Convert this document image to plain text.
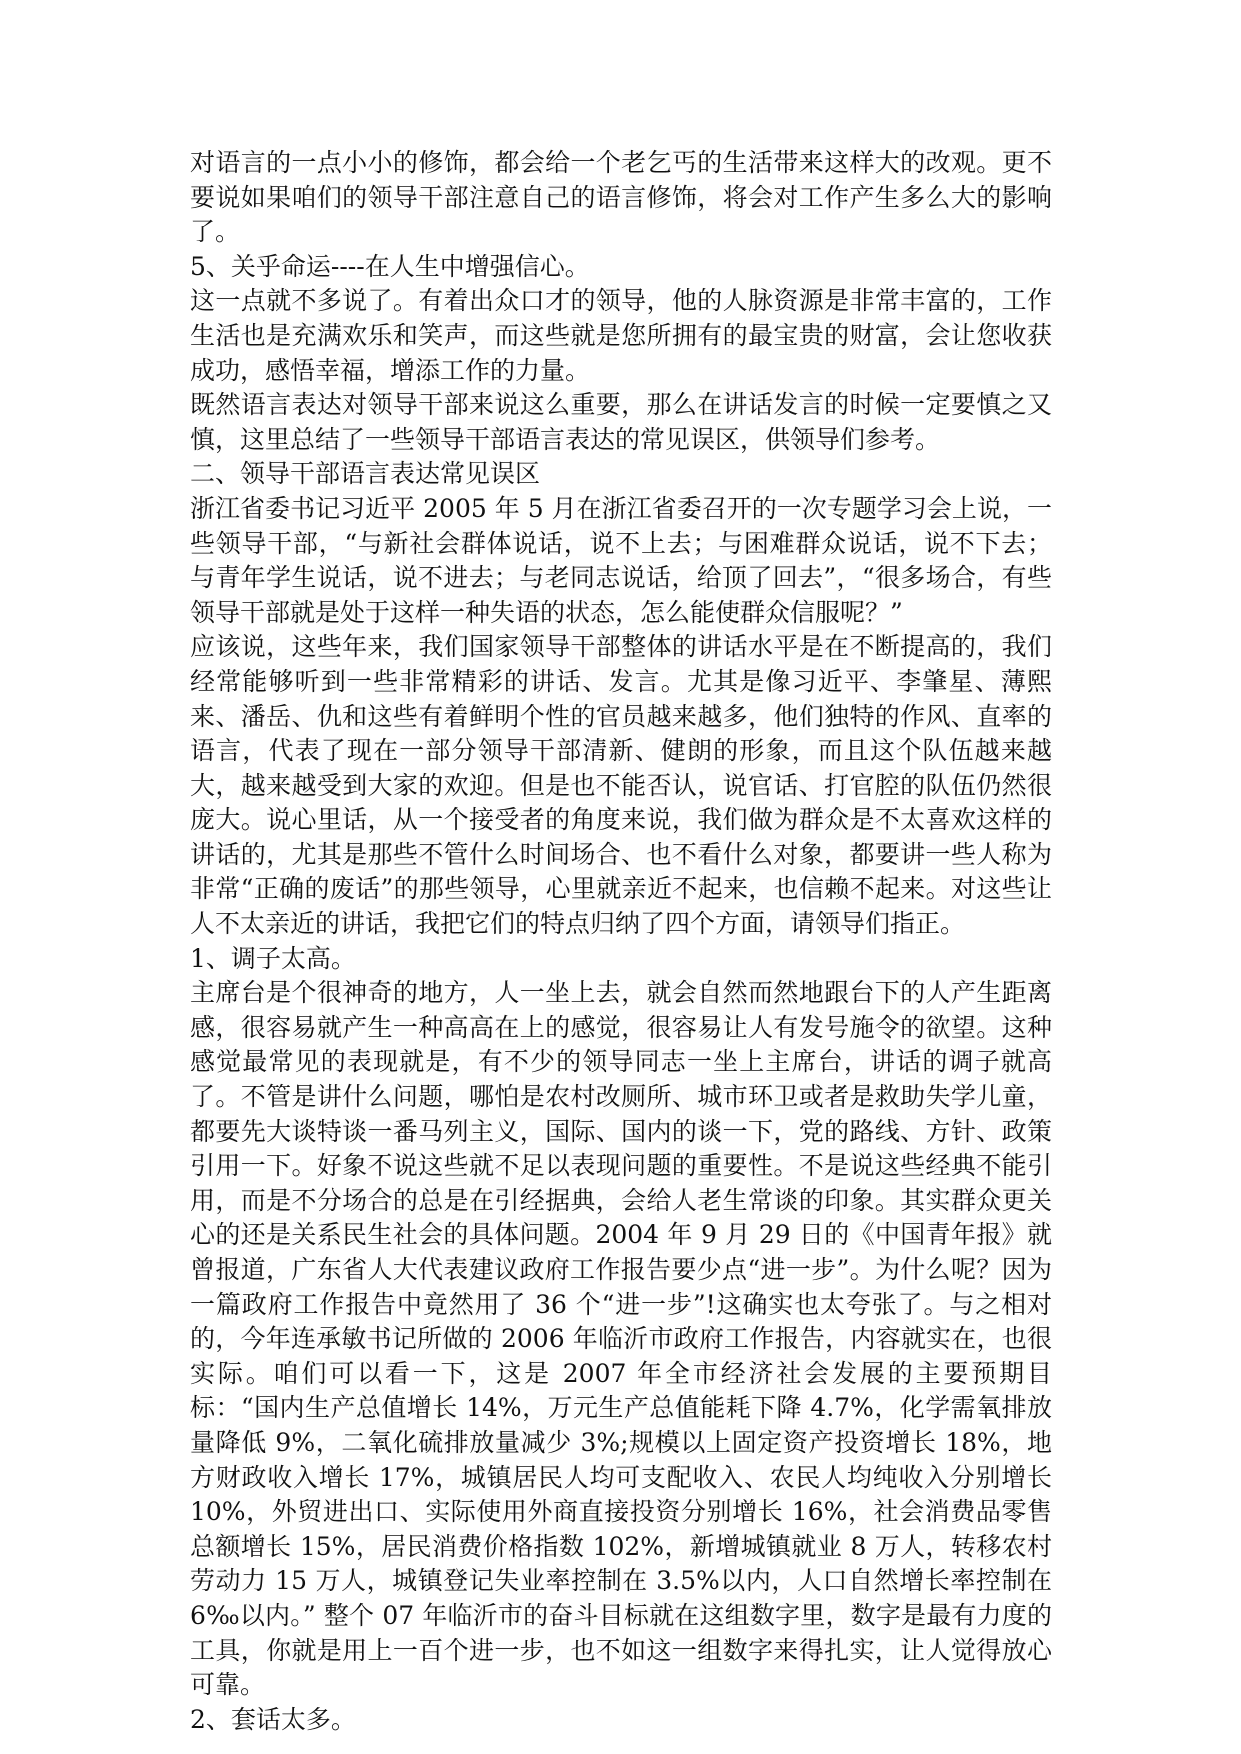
对语言的一点小小的修饰，都会给一个老乞丐的生活带来这样大的改观。更不要说如果咱们的领导干部注意自己的语言修饰，将会对工作产生多么大的影响了。

5、关乎命运----在人生中增强信心。

这一点就不多说了。有着出众口才的领导，他的人脉资源是非常丰富的，工作生活也是充满欢乐和笑声，而这些就是您所拥有的最宝贵的财富，会让您收获成功，感悟幸福，增添工作的力量。

既然语言表达对领导干部来说这么重要，那么在讲话发言的时候一定要慎之又慎，这里总结了一些领导干部语言表达的常见误区，供领导们参考。

二、领导干部语言表达常见误区

浙江省委书记习近平 2005 年 5 月在浙江省委召开的一次专题学习会上说，一些领导干部，“与新社会群体说话，说不上去；与困难群众说话，说不下去；与青年学生说话，说不进去；与老同志说话，给顶了回去”，“很多场合，有些领导干部就是处于这样一种失语的状态，怎么能使群众信服呢？”

应该说，这些年来，我们国家领导干部整体的讲话水平是在不断提高的，我们经常能够听到一些非常精彩的讲话、发言。尤其是像习近平、李肇星、薄熙来、潘岳、仇和这些有着鲜明个性的官员越来越多，他们独特的作风、直率的语言，代表了现在一部分领导干部清新、健朗的形象，而且这个队伍越来越大，越来越受到大家的欢迎。但是也不能否认，说官话、打官腔的队伍仍然很庞大。说心里话，从一个接受者的角度来说，我们做为群众是不太喜欢这样的讲话的，尤其是那些不管什么时间场合、也不看什么对象，都要讲一些人称为非常“正确的废话”的那些领导，心里就亲近不起来，也信赖不起来。对这些让人不太亲近的讲话，我把它们的特点归纳了四个方面，请领导们指正。

1、调子太高。

主席台是个很神奇的地方，人一坐上去，就会自然而然地跟台下的人产生距离感，很容易就产生一种高高在上的感觉，很容易让人有发号施令的欲望。这种感觉最常见的表现就是，有不少的领导同志一坐上主席台，讲话的调子就高了。不管是讲什么问题，哪怕是农村改厕所、城市环卫或者是救助失学儿童，都要先大谈特谈一番马列主义，国际、国内的谈一下，党的路线、方针、政策引用一下。好象不说这些就不足以表现问题的重要性。不是说这些经典不能引用，而是不分场合的总是在引经据典，会给人老生常谈的印象。其实群众更关心的还是关系民生社会的具体问题。2004 年 9 月 29 日的《中国青年报》就曾报道，广东省人大代表建议政府工作报告要少点“进一步”。为什么呢？因为一篇政府工作报告中竟然用了 36 个“进一步”!这确实也太夸张了。与之相对的，今年连承敏书记所做的 2006 年临沂市政府工作报告，内容就实在，也很实际。咱们可以看一下，这是 2007 年全市经济社会发展的主要预期目标：“国内生产总值增长 14%，万元生产总值能耗下降 4.7%，化学需氧排放量降低 9%，二氧化硫排放量减少 3%;规模以上固定资产投资增长 18%，地方财政收入增长 17%，城镇居民人均可支配收入、农民人均纯收入分别增长 10%，外贸进出口、实际使用外商直接投资分别增长 16%，社会消费品零售总额增长 15%，居民消费价格指数 102%，新增城镇就业 8 万人，转移农村劳动力 15 万人，城镇登记失业率控制在 3.5%以内，人口自然增长率控制在 6‰以内。” 整个 07 年临沂市的奋斗目标就在这组数字里，数字是最有力度的工具，你就是用上一百个进一步，也不如这一组数字来得扎实，让人觉得放心可靠。

2、套话太多。
